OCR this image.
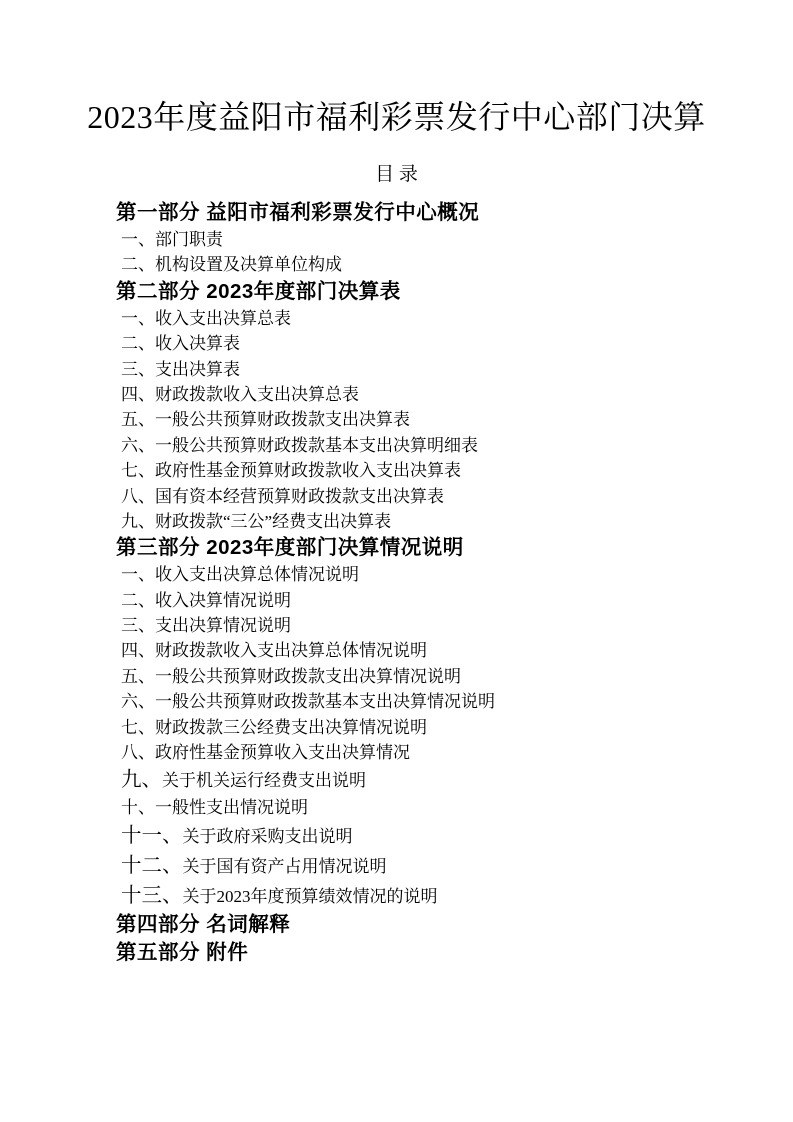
2023年度益阳市福利彩票发行中心部门决算
目 录
第一部分 益阳市福利彩票发行中心概况
一、部门职责
二、机构设置及决算单位构成
第二部分 2023年度部门决算表
一、收入支出决算总表
二、收入决算表
三、支出决算表
四、财政拨款收入支出决算总表
五、一般公共预算财政拨款支出决算表
六、一般公共预算财政拨款基本支出决算明细表
七、政府性基金预算财政拨款收入支出决算表
八、国有资本经营预算财政拨款支出决算表
九、财政拨款“三公”经费支出决算表
第三部分 2023年度部门决算情况说明
一、收入支出决算总体情况说明
二、收入决算情况说明
三、支出决算情况说明
四、财政拨款收入支出决算总体情况说明
五、一般公共预算财政拨款支出决算情况说明
六、一般公共预算财政拨款基本支出决算情况说明
七、财政拨款三公经费支出决算情况说明
八、政府性基金预算收入支出决算情况
九、关于机关运行经费支出说明
十、一般性支出情况说明
十一、关于政府采购支出说明
十二、关于国有资产占用情况说明
十三、关于2023年度预算绩效情况的说明
第四部分 名词解释
第五部分 附件
